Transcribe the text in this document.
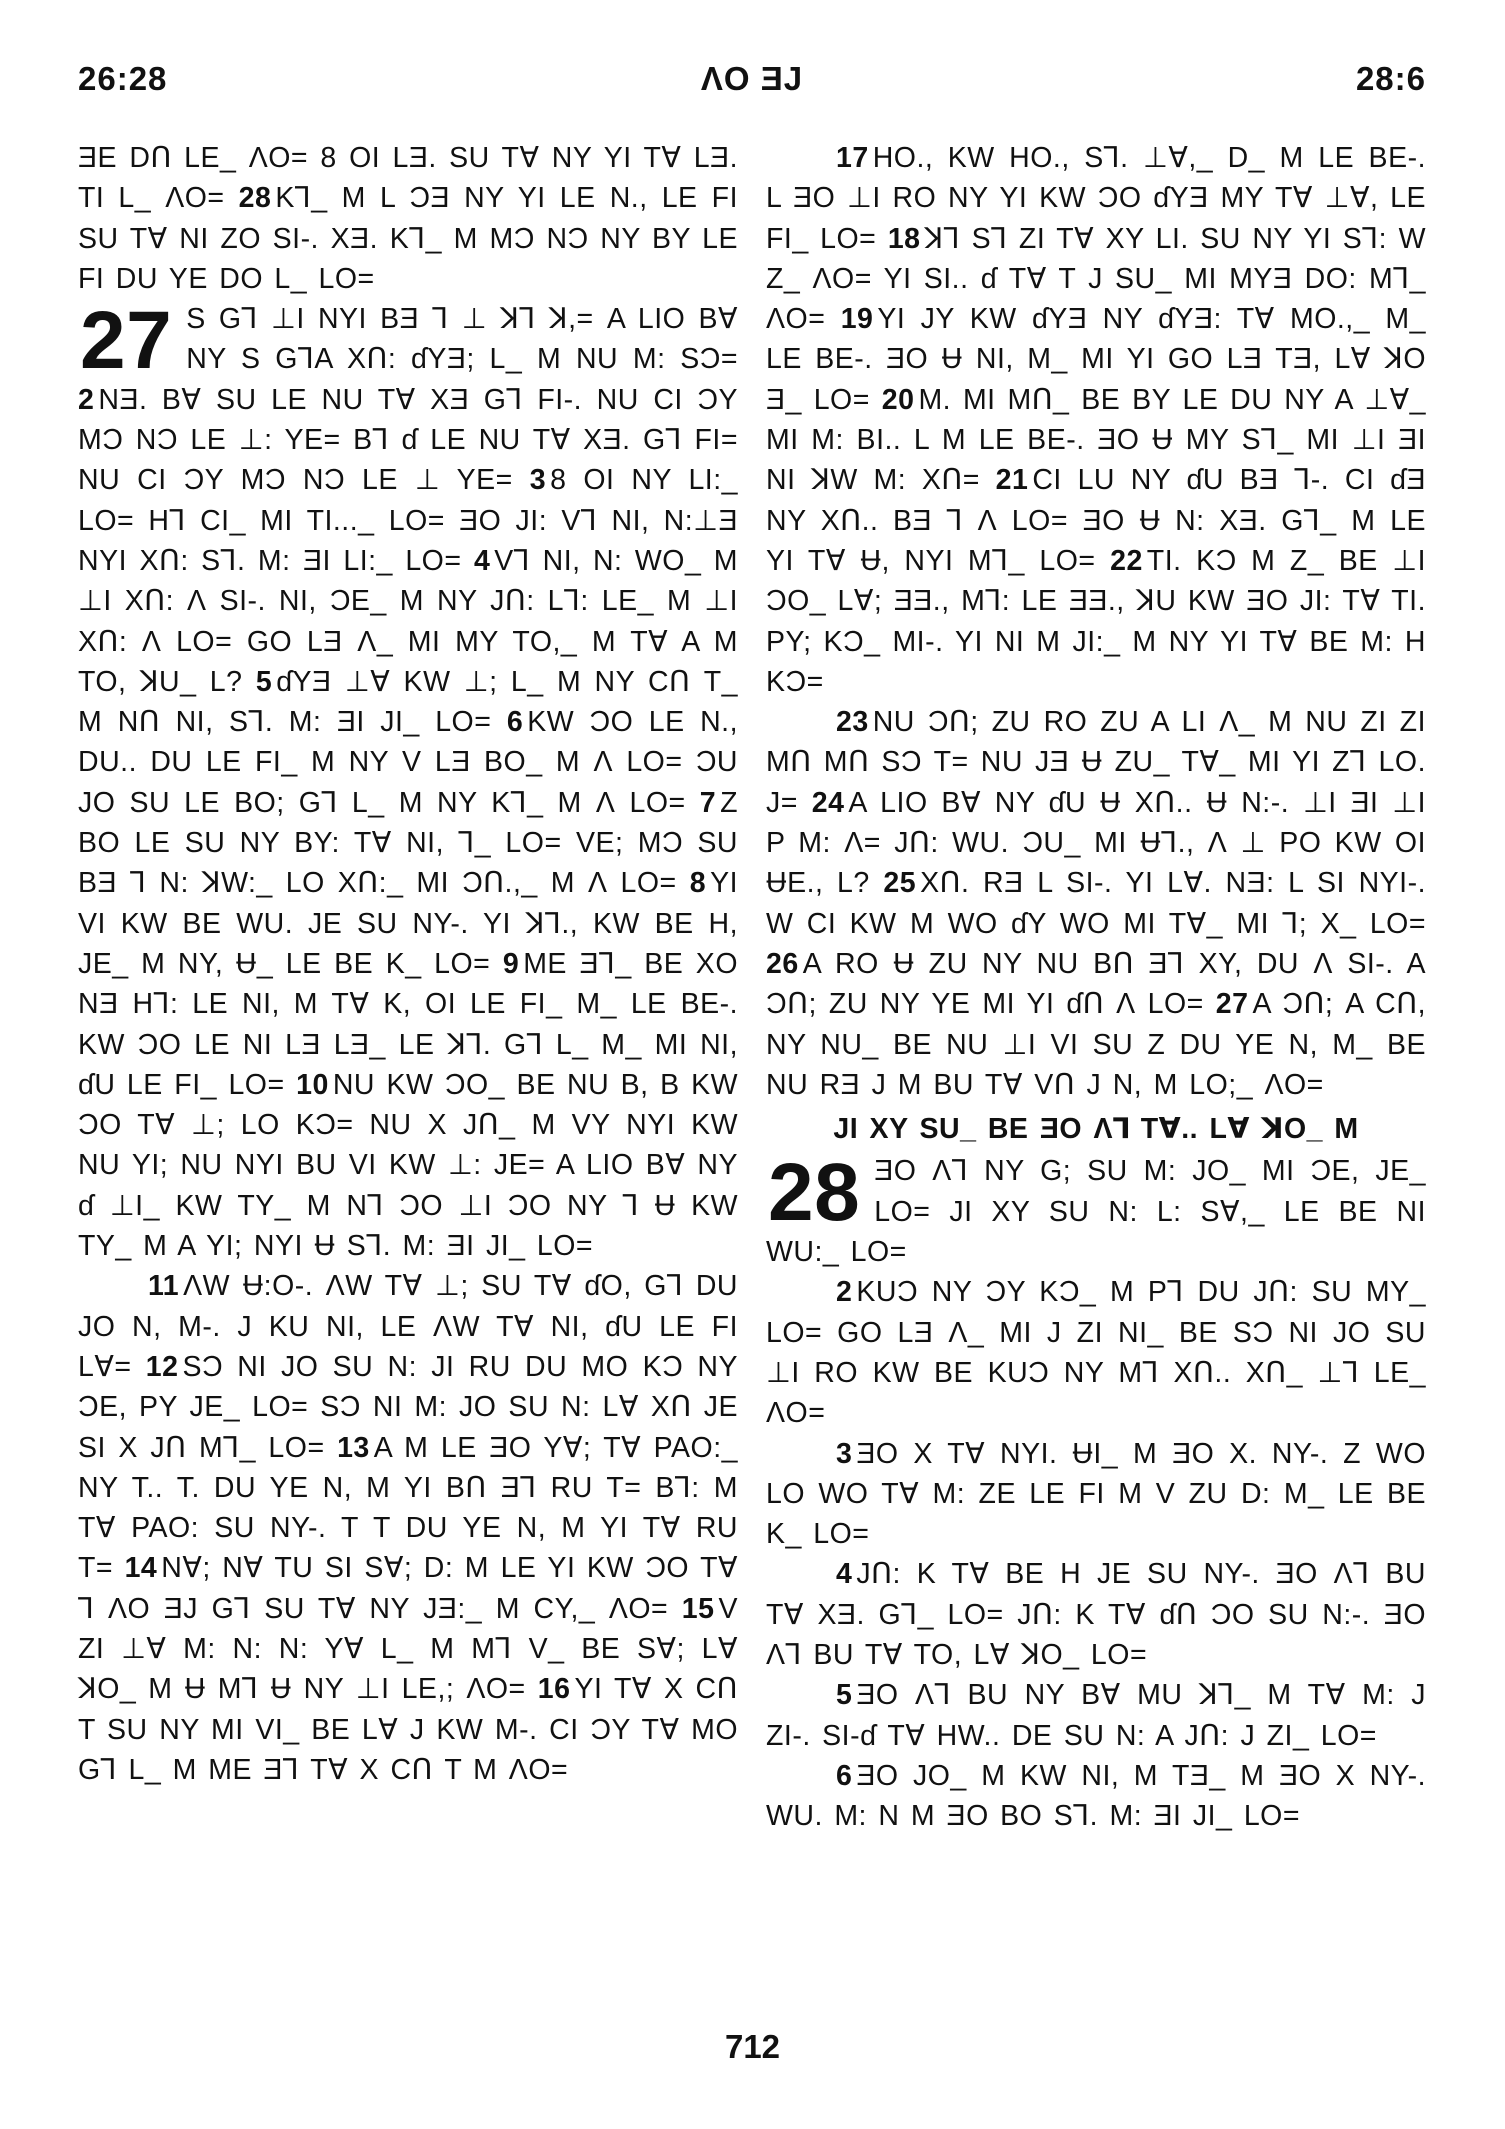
26:28	ɅO ƎJ	28:6

ƎE DՈ LE_ ɅO= 8 OI LƎ. SU TⱯ NY YI TⱯ LƎ. TI L_ ɅO= 28 K⅂_ M L ƆƎ NY YI LE N., LE FI SU TⱯ NI ZO SI-. XƎ. K⅂_ M MƆ NƆ NY BY LE FI DU YE DO L_ LO=

27 S G⅂ ⊥I NYI BƎ ⅂ ⊥ ꓘ⅂ ꓘ,= A LIO BⱯ NY S G⅂A XՈ: ɗYƎ; L_ M NU M: SƆ= 2 NƎ. BⱯ SU LE NU TⱯ XƎ G⅂ FI-. NU CI ƆY MƆ NƆ LE ⊥: YE= B⅂ ɗ LE NU TⱯ XƎ. G⅂ FI= NU CI ƆY MƆ NƆ LE ⊥ YE= 3 8 OI NY LI:_ LO= H⅂ CI_ MI TI..._ LO= ƎO JI: V⅂ NI, N:⊥Ǝ NYI XՈ: S⅂. M: ƎI LI:_ LO= 4 V⅂ NI, N: WO_ M ⊥I XՈ: Ʌ SI-. NI, ƆE_ M NY JՈ: L⅂: LE_ M ⊥I XՈ: Ʌ LO= GO LƎ Ʌ_ MI MY TO,_ M TⱯ A M TO, ꓘU_ L? 5 ɗYƎ ⊥Ɐ KW ⊥; L_ M NY CՈ T_ M NՈ NI, S⅂. M: ƎI JI_ LO= 6 KW ƆO LE N., DU.. DU LE FI_ M NY V LƎ BO_ M Ʌ LO= ƆU JO SU LE BO; G⅂ L_ M NY K⅂_ M Ʌ LO= 7 Z BO LE SU NY BY: TⱯ NI, ⅂_ LO= VE; MƆ SU BƎ ⅂ N: ꓘW:_ LO XՈ:_ MI ƆՈ.,_ M Ʌ LO= 8 YI VI KW BE WU. JE SU NY-. YI ꓘ⅂., KW BE H, JE_ M NY, Ʉ_ LE BE K_ LO= 9 ME Ǝ⅂_ BE XO NƎ H⅂: LE NI, M TⱯ K, OI LE FI_ M_ LE BE-. KW ƆO LE NI LƎ LƎ_ LE ꓘ⅂. G⅂ L_ M_ MI NI, ɗU LE FI_ LO= 10 NU KW ƆO_ BE NU B, B KW ƆO TⱯ ⊥; LO KƆ= NU X JՈ_ M VY NYI KW NU YI; NU NYI BU VI KW ⊥: JE= A LIO BⱯ NY ɗ ⊥I_ KW TY_ M N⅂ ƆO ⊥I ƆO NY ⅂ Ʉ KW TY_ M A YI; NYI Ʉ S⅂. M: ƎI JI_ LO=

11 ɅW Ʉ:O-. ɅW TⱯ ⊥; SU TⱯ ɗO, G⅂ DU JO N, M-. J KU NI, LE ɅW TⱯ NI, ɗU LE FI LⱯ= 12 SƆ NI JO SU N: JI RU DU MO KƆ NY ƆE, PY JE_ LO= SƆ NI M: JO SU N: LⱯ XՈ JE SI X JՈ M⅂_ LO= 13 A M LE ƎO YⱯ; TⱯ PAO:_ NY T.. T. DU YE N, M YI BՈ Ǝ⅂ RU T= B⅂: M TⱯ PAO: SU NY-. T T DU YE N, M YI TⱯ RU T= 14 NⱯ; NⱯ TU SI SⱯ; D: M LE YI KW ƆO TⱯ ⅂ ɅO ƎJ G⅂ SU TⱯ NY JƎ:_ M CY,_ ɅO= 15 V ZI ⊥Ɐ M: N: N: YⱯ L_ M M⅂ V_ BE SⱯ; LⱯ ꓘO_ M Ʉ M⅂ Ʉ NY ⊥I LE,; ɅO= 16 YI TⱯ X CՈ T SU NY MI VI_ BE LⱯ J KW M-. CI ƆY TⱯ MO G⅂ L_ M ME Ǝ⅂ TⱯ X CՈ T M ɅO=

17 HO., KW HO., S⅂. ⊥Ɐ,_ D_ M LE BE-. L ƎO ⊥I RO NY YI KW ƆO ɗYƎ MY TⱯ ⊥Ɐ, LE FI_ LO= 18 ꓘ⅂ S⅂ ZI TⱯ XY LI. SU NY YI S⅂: W Z_ ɅO= YI SI.. ɗ TⱯ T J SU_ MI MYƎ DO: M⅂_ ɅO= 19 YI JY KW ɗYƎ NY ɗYƎ: TⱯ MO.,_ M_ LE BE-. ƎO Ʉ NI, M_ MI YI GO LƎ TƎ, LⱯ ꓘO Ǝ_ LO= 20 M. MI MՈ_ BE BY LE DU NY A ⊥Ɐ_ MI M: BI.. L M LE BE-. ƎO Ʉ MY S⅂_ MI ⊥I ƎI NI ꓘW M: XՈ= 21 CI LU NY ɗU BƎ ⅂-. CI ɗƎ NY XՈ.. BƎ ⅂ Ʌ LO= ƎO Ʉ N: XƎ. G⅂_ M LE YI TⱯ Ʉ, NYI M⅂_ LO= 22 TI. KƆ M Z_ BE ⊥I ƆO_ LⱯ; ƎƎ., M⅂: LE ƎƎ., ꓘU KW ƎO JI: TⱯ TI. PY; KƆ_ MI-. YI NI M JI:_ M NY YI TⱯ BE M: H KƆ=

23 NU ƆՈ; ZU RO ZU A LI Ʌ_ M NU ZI ZI MՈ MՈ SƆ T= NU JƎ Ʉ ZU_ TⱯ_ MI YI Z⅂ LO. J= 24 A LIO BⱯ NY ɗU Ʉ XՈ.. Ʉ N:-. ⊥I ƎI ⊥I P M: Ʌ= JՈ: WU. ƆU_ MI Ʉ⅂., Ʌ ⊥ PO KW OI ɄE., L? 25 XՈ. RƎ L SI-. YI LⱯ. NƎ: L SI NYI-. W CI KW M WO ɗY WO MI TⱯ_ MI ⅂; X_ LO= 26 A RO Ʉ ZU NY NU BՈ Ǝ⅂ XY, DU Ʌ SI-. A ƆՈ; ZU NY YE MI YI ɗՈ Ʌ LO= 27 A ƆՈ; A CՈ, NY NU_ BE NU ⊥I VI SU Z DU YE N, M_ BE NU RƎ J M BU TⱯ VՈ J N, M LO;_ ɅO=

JI XY SU_ BE ƎO Ʌ⅂ TⱯ.. LⱯ ꓘO_ M

28 ƎO Ʌ⅂ NY G; SU M: JO_ MI ƆE, JE_ LO= JI XY SU N: L: SⱯ,_ LE BE NI WU:_ LO=

2 KUƆ NY ƆY KƆ_ M P⅂ DU JՈ: SU MY_ LO= GO LƎ Ʌ_ MI J ZI NI_ BE SƆ NI JO SU ⊥I RO KW BE KUƆ NY M⅂ XՈ.. XՈ_ ⊥⅂ LE_ ɅO=

3 ƎO X TⱯ NYI. ɄI_ M ƎO X. NY-. Z WO LO WO TⱯ M: ZE LE FI M V ZU D: M_ LE BE K_ LO=

4 JՈ: K TⱯ BE H JE SU NY-. ƎO Ʌ⅂ BU TⱯ XƎ. G⅂_ LO= JՈ: K TⱯ ɗՈ ƆO SU N:-. ƎO Ʌ⅂ BU TⱯ TO, LⱯ ꓘO_ LO=

5 ƎO Ʌ⅂ BU NY BⱯ MU ꓘ⅂_ M TⱯ M: J ZI-. SI-ɗ TⱯ HW.. DE SU N: A JՈ: J ZI_ LO=

6 ƎO JO_ M KW NI, M TƎ_ M ƎO X NY-. WU. M: N M ƎO BO S⅂. M: ƎI JI_ LO=

712
